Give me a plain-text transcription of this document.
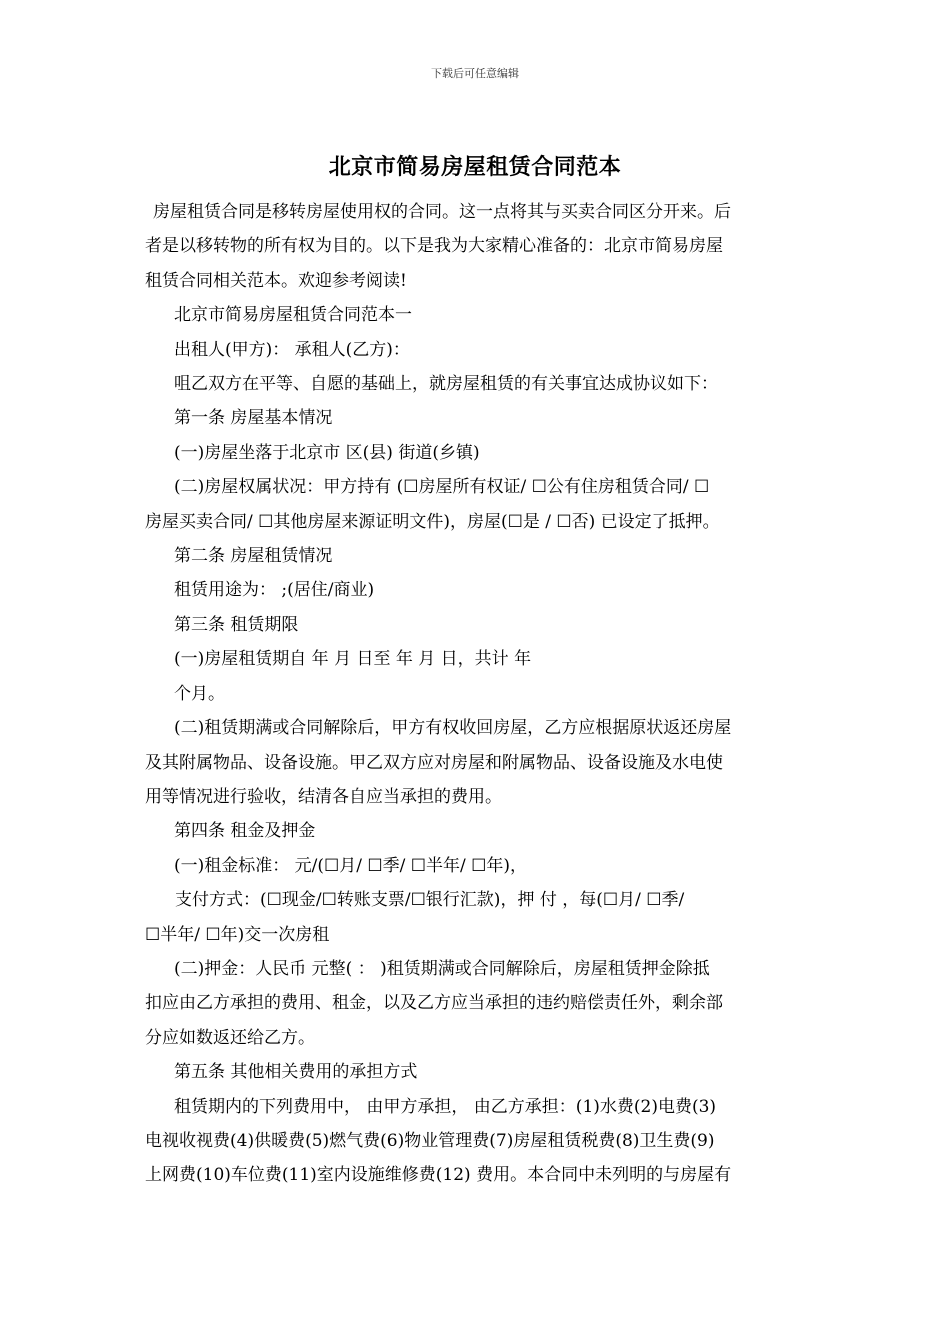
下载后可任意编辑
北京市简易房屋租赁合同范本

房屋租赁合同是移转房屋使用权的合同。这一点将其与买卖合同区分开来。后

者是以移转物的所有权为目的。以下是我为大家精心准备的：北京市简易房屋

租赁合同相关范本。欢迎参考阅读!

北京市简易房屋租赁合同范本一

出租人(甲方)： 承租人(乙方)：

咀乙双方在平等、自愿的基础上，就房屋租赁的有关事宜达成协议如下：

第一条 房屋基本情况

(一)房屋坐落于北京市 区(县) 街道(乡镇)

(二)房屋权属状况：甲方持有 (☐房屋所有权证/ ☐公有住房租赁合同/ ☐

房屋买卖合同/ ☐其他房屋来源证明文件)，房屋(☐是 / ☐否) 已设定了抵押。

第二条 房屋租赁情况

租赁用途为： ;(居住/商业)

第三条 租赁期限

(一)房屋租赁期自 年 月 日至 年 月 日，共计 年

个月。

(二)租赁期满或合同解除后，甲方有权收回房屋，乙方应根据原状返还房屋

及其附属物品、设备设施。甲乙双方应对房屋和附属物品、设备设施及水电使

用等情况进行验收，结清各自应当承担的费用。

第四条 租金及押金

(一)租金标准： 元/(☐月/ ☐季/ ☐半年/ ☐年)，

支付方式：(☐现金/☐转账支票/☐银行汇款)，押 付 ，每(☐月/ ☐季/

☐半年/ ☐年)交一次房租

(二)押金：人民币 元整( ： )租赁期满或合同解除后，房屋租赁押金除抵

扣应由乙方承担的费用、租金，以及乙方应当承担的违约赔偿责任外，剩余部

分应如数返还给乙方。

第五条 其他相关费用的承担方式

租赁期内的下列费用中， 由甲方承担， 由乙方承担：(1)水费(2)电费(3)

电视收视费(4)供暖费(5)燃气费(6)物业管理费(7)房屋租赁税费(8)卫生费(9)

上网费(10)车位费(11)室内设施维修费(12) 费用。本合同中未列明的与房屋有
